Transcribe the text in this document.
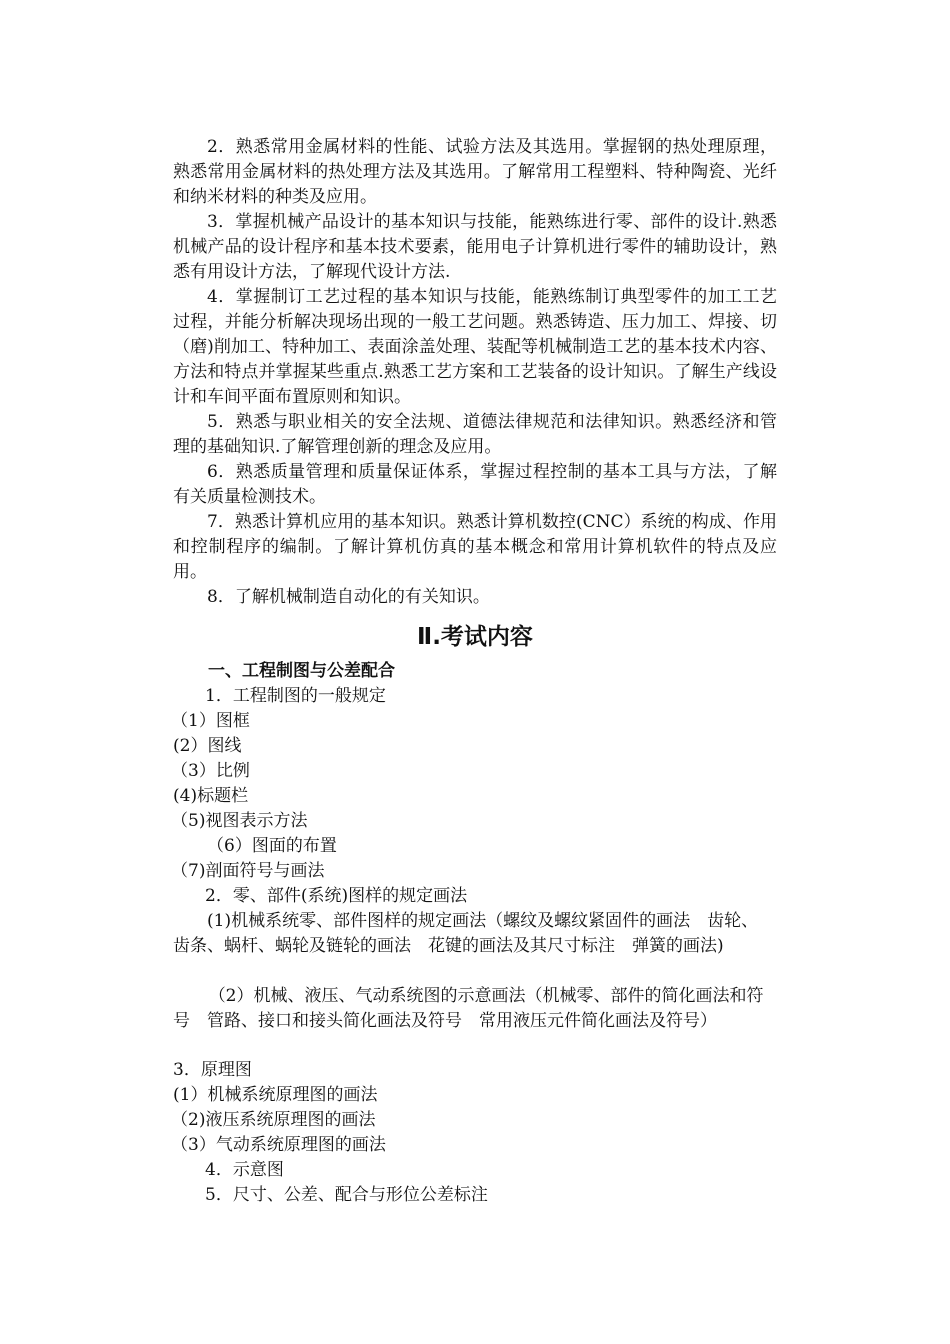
2．熟悉常用金属材料的性能、试验方法及其选用。掌握钢的热处理原理，熟悉常用金属材料的热处理方法及其选用。了解常用工程塑料、特种陶瓷、光纤和纳米材料的种类及应用。

3．掌握机械产品设计的基本知识与技能，能熟练进行零、部件的设计.熟悉机械产品的设计程序和基本技术要素，能用电子计算机进行零件的辅助设计，熟悉有用设计方法，了解现代设计方法.

4．掌握制订工艺过程的基本知识与技能，能熟练制订典型零件的加工工艺过程，并能分析解决现场出现的一般工艺问题。熟悉铸造、压力加工、焊接、切（磨)削加工、特种加工、表面涂盖处理、装配等机械制造工艺的基本技术内容、方法和特点并掌握某些重点.熟悉工艺方案和工艺装备的设计知识。了解生产线设计和车间平面布置原则和知识。

5．熟悉与职业相关的安全法规、道德法律规范和法律知识。熟悉经济和管理的基础知识.了解管理创新的理念及应用。

6．熟悉质量管理和质量保证体系，掌握过程控制的基本工具与方法，了解有关质量检测技术。

7．熟悉计算机应用的基本知识。熟悉计算机数控(CNC）系统的构成、作用和控制程序的编制。了解计算机仿真的基本概念和常用计算机软件的特点及应用。

8．了解机械制造自动化的有关知识。

Ⅱ.考试内容
一、工程制图与公差配合
1．工程制图的一般规定
（1）图框
(2）图线
（3）比例
(4)标题栏
（5)视图表示方法
（6）图面的布置
（7)剖面符号与画法
2．零、部件(系统)图样的规定画法

(1)机械系统零、部件图样的规定画法（螺纹及螺纹紧固件的画法　齿轮、齿条、蜗杆、蜗轮及链轮的画法　花键的画法及其尺寸标注　弹簧的画法)

（2）机械、液压、气动系统图的示意画法（机械零、部件的简化画法和符号　管路、接口和接头简化画法及符号　常用液压元件简化画法及符号）

3．原理图
(1）机械系统原理图的画法
（2)液压系统原理图的画法
（3）气动系统原理图的画法
4．示意图
5．尺寸、公差、配合与形位公差标注
